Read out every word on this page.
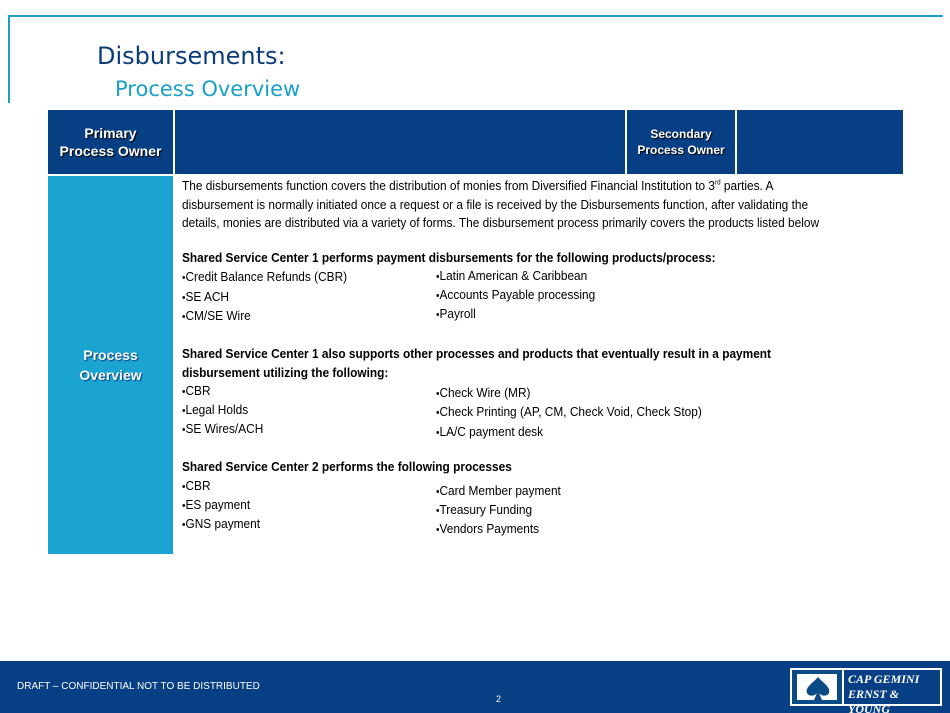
Disbursements:
Process Overview
Primary
Process Owner
Secondary
Process Owner
Process
Overview
The disbursements function covers the distribution of monies from Diversified Financial Institution to 3rd parties. A
disbursement is normally initiated once a request or a file is received by the Disbursements function, after validating the
details, monies are distributed via a variety of forms. The disbursement process primarily covers the products listed below
Shared Service Center 1 performs payment disbursements for the following products/process:
•Credit Balance Refunds (CBR)
•SE ACH
•CM/SE Wire
•Latin American & Caribbean
•Accounts Payable processing
•Payroll
Shared Service Center 1 also supports other processes and products that eventually result in a payment
disbursement utilizing the following:
•CBR
•Legal Holds
•SE Wires/ACH
•Check Wire (MR)
•Check Printing (AP, CM, Check Void, Check Stop)
•LA/C payment desk
Shared Service Center 2 performs the following processes
•CBR
•ES payment
•GNS payment
•Card Member payment
•Treasury Funding
•Vendors Payments
DRAFT – CONFIDENTIAL NOT TO BE DISTRIBUTED
2
CAP GEMINI
ERNST & YOUNG
